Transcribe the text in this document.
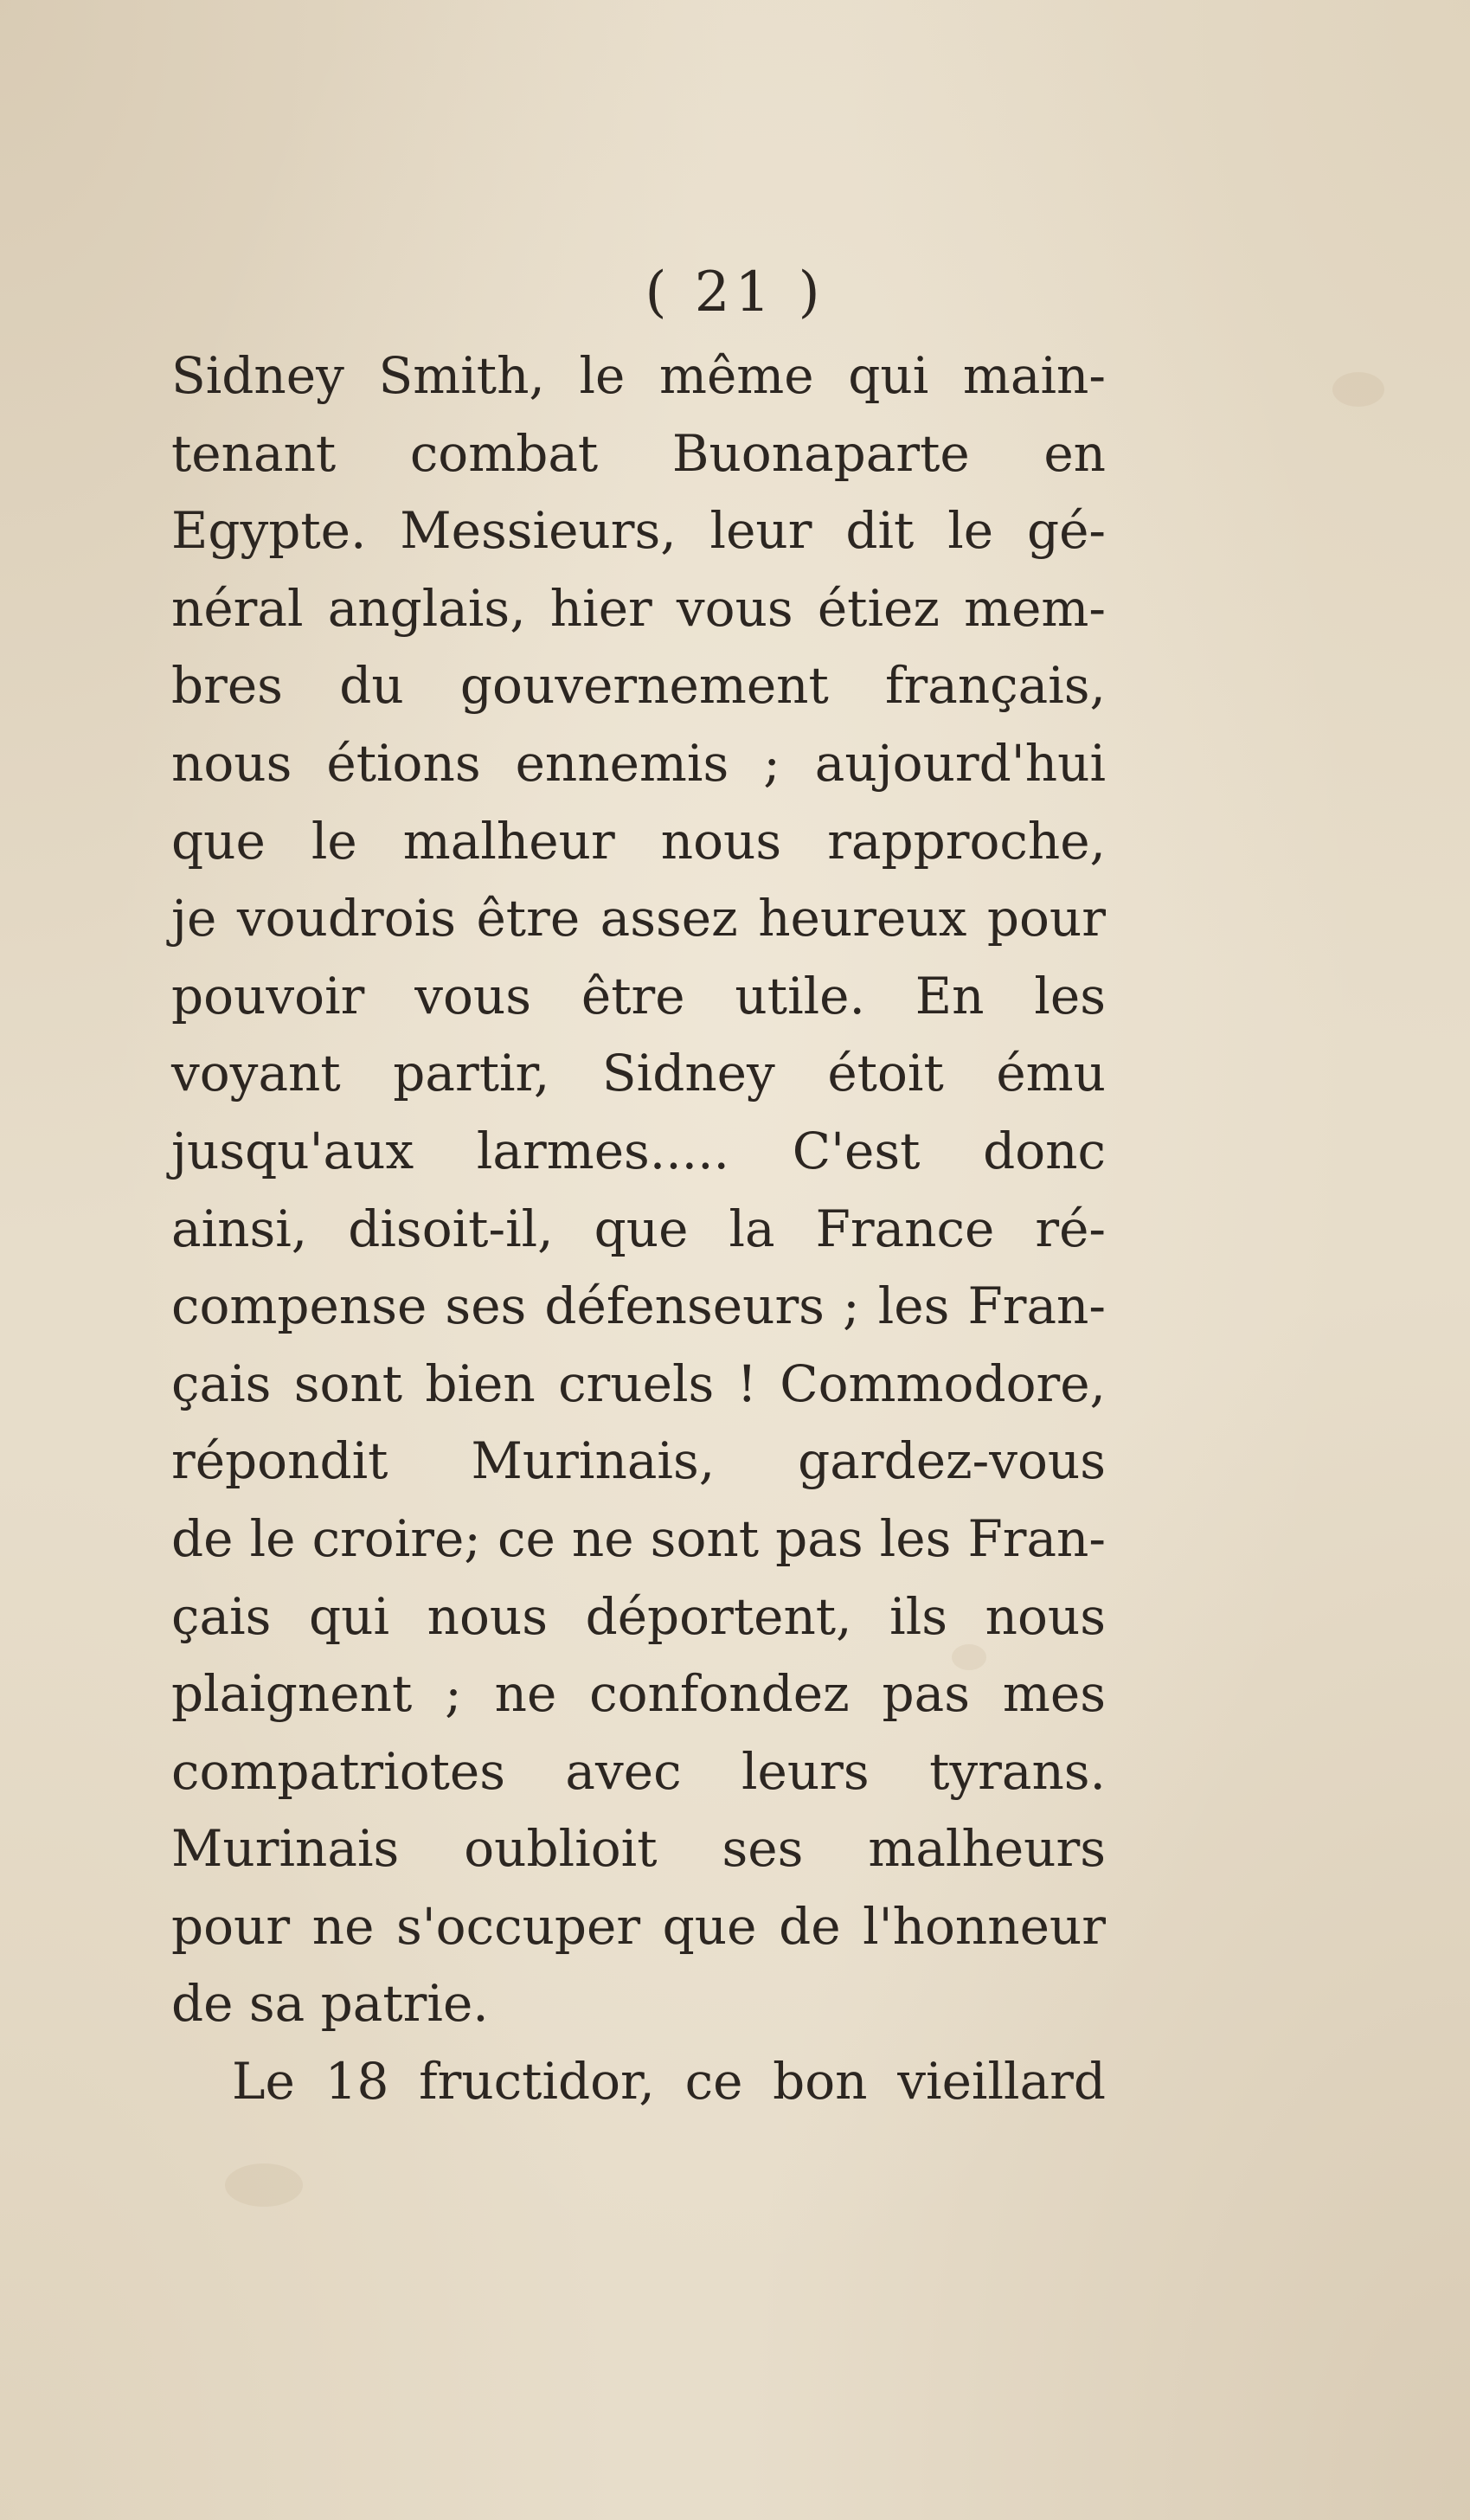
( 21 )
Sidney Smith, le même qui main-
tenant combat Buonaparte en
Egypte. Messieurs, leur dit le gé-
néral anglais, hier vous étiez mem-
bres du gouvernement français,
nous étions ennemis ; aujourd'hui
que le malheur nous rapproche,
je voudrois être assez heureux pour
pouvoir vous être utile. En les
voyant partir, Sidney étoit ému
jusqu'aux larmes..... C'est donc
ainsi, disoit-il, que la France ré-
compense ses défenseurs ; les Fran-
çais sont bien cruels ! Commodore,
répondit Murinais, gardez-vous
de le croire; ce ne sont pas les Fran-
çais qui nous déportent, ils nous
plaignent ; ne confondez pas mes
compatriotes avec leurs tyrans.
Murinais oublioit ses malheurs
pour ne s'occuper que de l'honneur
de sa patrie.
Le 18 fructidor, ce bon vieillard
